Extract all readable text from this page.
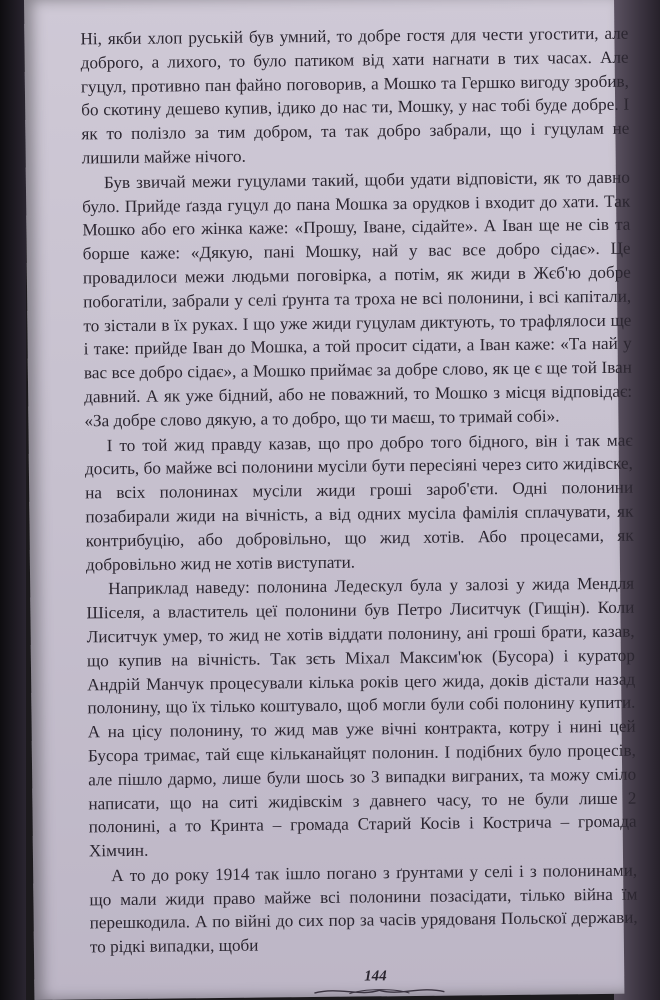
Ні, якби хлоп руській був умний, то добре гостя для чести угостити, але доброго, а лихого, то було патиком від хати нагнати в тих часах. Але гуцул, противно пан файно поговорив, а Мошко та Гершко вигоду зробив, бо скотину дешево купив, ідико до нас ти, Мошку, у нас тобі буде добре. І як то полізло за тим добром, та так добро забрали, що і гуцулам не лишили майже нічого.

Був звичай межи гуцулами такий, щоби удати відповісти, як то давно було. Прийде ґазда гуцул до пана Мошка за орудков і входит до хати. Так Мошко або его жінка каже: «Прошу, Іване, сідайте». А Іван ще не сів та борше каже: «Дякую, пані Мошку, най у вас все добро сідає». Це провадилоси межи людьми поговірка, а потім, як жиди в Жєб'ю добре побогатіли, забрали у селі ґрунта та троха не всі полонини, і всі капітали, то зістали в їх руках. І що уже жиди гуцулам диктують, то трафлялоси ще і таке: прийде Іван до Мошка, а той просит сідати, а Іван каже: «Та най у вас все добро сідає», а Мошко приймає за добре слово, як це є ще той Іван давний. А як уже бідний, або не поважний, то Мошко з місця відповідає: «За добре слово дякую, а то добро, що ти маєш, то тримай собі».

І то той жид правду казав, що про добро того бідного, він і так має досить, бо майже всі полонини мусіли бути пересіяні через сито жидівске, на всіх полонинах мусіли жиди гроші зароб'єти. Одні полонини позабирали жиди на вічність, а від одних мусіла фамілія сплачувати, як контрибуцію, або добровільно, що жид хотів. Або процесами, як добровільно жид не хотів виступати.

Наприклад наведу: полонина Ледескул була у залозі у жида Мендля Шіселя, а властитель цеї полонини був Петро Лиситчук (Гищін). Коли Лиситчук умер, то жид не хотів віддати полонину, ані гроші брати, казав, що купив на вічність. Так зєть Міхал Максим'юк (Бусора) і куратор Андрій Манчук процесували кілька років цего жида, доків дістали назад полонину, що їх тілько коштувало, щоб могли були собі полонину купити. А на цісу полонину, то жид мав уже вічні контракта, котру і нині цей Бусора тримає, тай єще кільканайцят полонин. І подібних було процесів, але пішло дармо, лише були шось зо 3 випадки виграних, та можу сміло написати, що на ситі жидівскім з давнего часу, то не були лише 2 полонині, а то Кринта – громада Старий Косів і Кострича – громада Хімчин.

А то до року 1914 так ішло погано з ґрунтами у селі і з полонинами, що мали жиди право майже всі полонини позасідати, тілько війна їм перешкодила. А по війні до сих пор за часів урядованя Польскої держави, то рідкі випадки, щоби

144
